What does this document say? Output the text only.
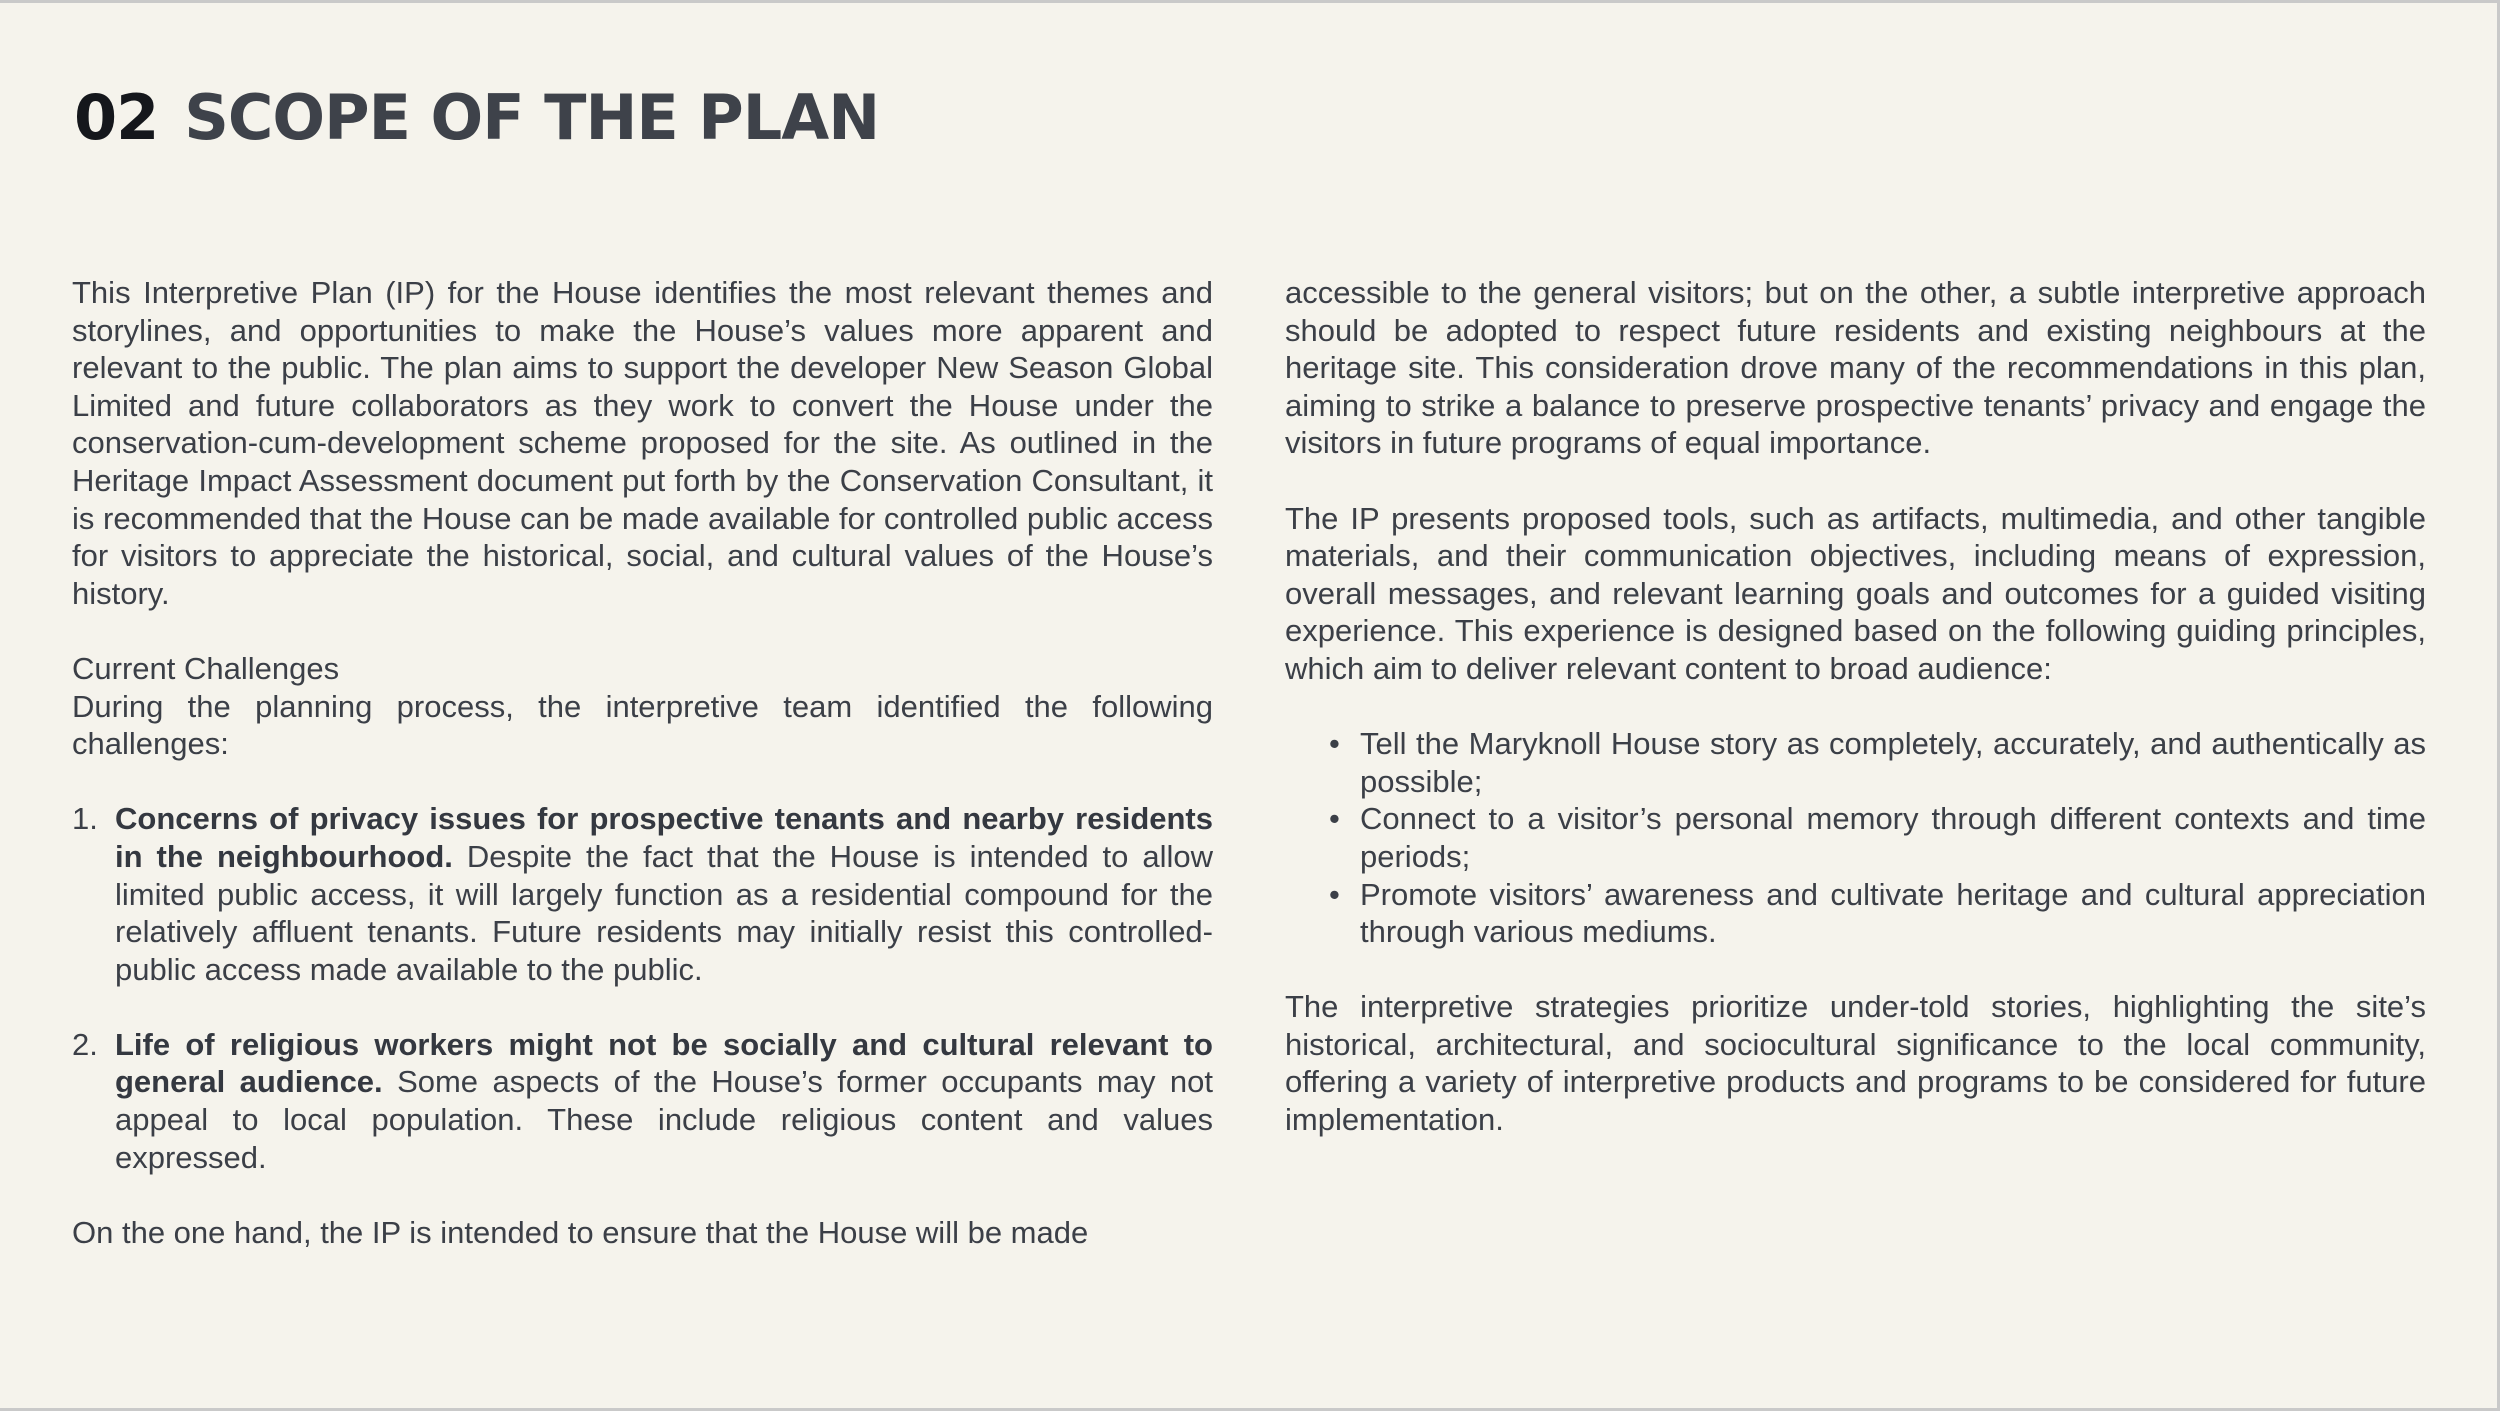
02 SCOPE OF THE PLAN

This Interpretive Plan (IP) for the House identifies the most relevant themes and storylines, and opportunities to make the House’s values more apparent and relevant to the public. The plan aims to support the developer New Season Global Limited and future collaborators as they work to convert the House under the conservation-cum-development scheme proposed for the site. As outlined in the Heritage Impact Assessment document put forth by the Conservation Consultant, it is recommended that the House can be made available for controlled public access for visitors to appreciate the historical, social, and cultural values of the House’s history.

Current Challenges

During the planning process, the interpretive team identified the following challenges:

1. Concerns of privacy issues for prospective tenants and nearby residents in the neighbourhood. Despite the fact that the House is intended to allow limited public access, it will largely function as a residential compound for the relatively affluent tenants. Future residents may initially resist this controlled-public access made available to the public.
2. Life of religious workers might not be socially and cultural relevant to general audience. Some aspects of the House’s former occupants may not appeal to local population. These include religious content and values expressed.

On the one hand, the IP is intended to ensure that the House will be made

accessible to the general visitors; but on the other, a subtle interpretive approach should be adopted to respect future residents and existing neighbours at the heritage site. This consideration drove many of the recommendations in this plan, aiming to strike a balance to preserve prospective tenants’ privacy and engage the visitors in future programs of equal importance.

The IP presents proposed tools, such as artifacts, multimedia, and other tangible materials, and their communication objectives, including means of expression, overall messages, and relevant learning goals and outcomes for a guided visiting experience. This experience is designed based on the following guiding principles, which aim to deliver relevant content to broad audience:

• Tell the Maryknoll House story as completely, accurately, and authentically as possible;
• Connect to a visitor’s personal memory through different contexts and time periods;
• Promote visitors’ awareness and cultivate heritage and cultural appreciation through various mediums.

The interpretive strategies prioritize under-told stories, highlighting the site’s historical, architectural, and sociocultural significance to the local community, offering a variety of interpretive products and programs to be considered for future implementation.
